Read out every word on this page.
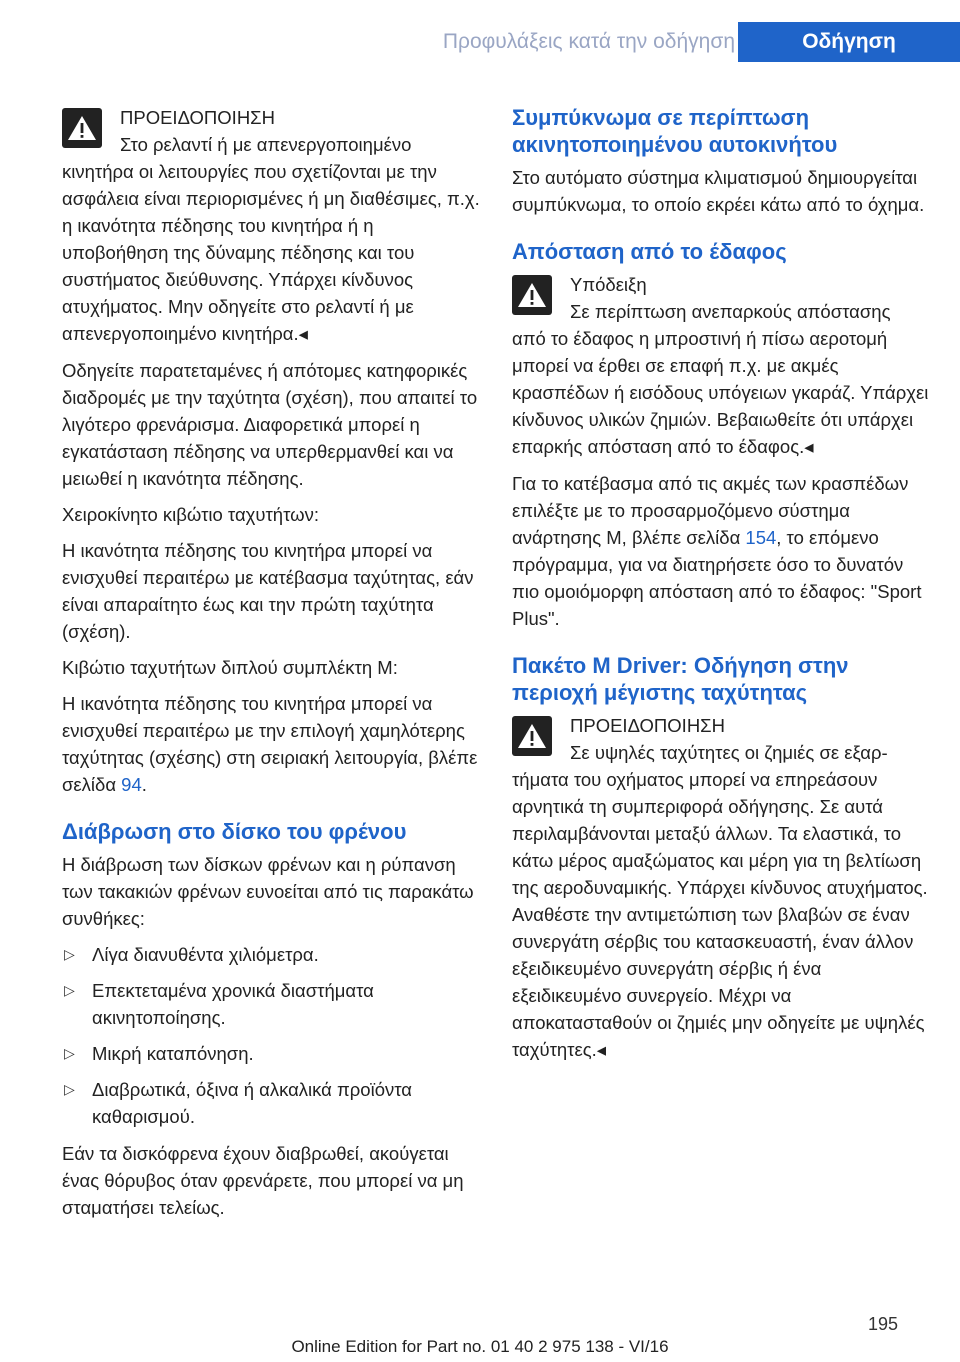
Προφυλάξεις κατά την οδήγηση	Οδήγηση
ΠΡΟΕΙΔΟΠΟΙΗΣΗ
Στο ρελαντί ή με απενεργοποιημένο

κινητήρα οι λειτουργίες που σχετίζονται με την ασφάλεια είναι περιορισμένες ή μη διαθέσιμες, π.χ. η ικανότητα πέδησης του κινητήρα ή η υποβοήθηση της δύναμης πέδησης και του συστήματος διεύθυνσης. Υπάρχει κίνδυνος ατυχήματος. Μην οδηγείτε στο ρελαντί ή με απενεργοποιημένο κινητήρα.◂

Οδηγείτε παρατεταμένες ή απότομες κατηφορικές διαδρομές με την ταχύτητα (σχέση), που απαιτεί το λιγότερο φρενάρισμα. Διαφορετικά μπορεί η εγκατάσταση πέδησης να υπερθερμανθεί και να μειωθεί η ικανότητα πέδησης.

Χειροκίνητο κιβώτιο ταχυτήτων:

Η ικανότητα πέδησης του κινητήρα μπορεί να ενισχυθεί περαιτέρω με κατέβασμα ταχύτητας, εάν είναι απαραίτητο έως και την πρώτη ταχύτητα (σχέση).

Κιβώτιο ταχυτήτων διπλού συμπλέκτη M:

Η ικανότητα πέδησης του κινητήρα μπορεί να ενισχυθεί περαιτέρω με την επιλογή χαμηλότερης ταχύτητας (σχέσης) στη σειριακή λειτουργία, βλέπε σελίδα 94.

Διάβρωση στο δίσκο του φρένου

Η διάβρωση των δίσκων φρένων και η ρύπανση των τακακιών φρένων ευνοείται από τις παρακάτω συνθήκες:

▷ Λίγα διανυθέντα χιλιόμετρα.
▷ Επεκτεταμένα χρονικά διαστήματα ακινητοποίησης.
▷ Μικρή καταπόνηση.
▷ Διαβρωτικά, όξινα ή αλκαλικά προϊόντα καθαρισμού.

Εάν τα δισκόφρενα έχουν διαβρωθεί, ακούγεται ένας θόρυβος όταν φρενάρετε, που μπορεί να μη σταματήσει τελείως.

Συμπύκνωμα σε περίπτωση ακινητοποιημένου αυτοκινήτου

Στο αυτόματο σύστημα κλιματισμού δημιουργείται συμπύκνωμα, το οποίο εκρέει κάτω από το όχημα.

Απόσταση από το έδαφος
Υπόδειξη
Σε περίπτωση ανεπαρκούς απόστασης

από το έδαφος η μπροστινή ή πίσω αεροτομή μπορεί να έρθει σε επαφή π.χ. με ακμές κρασπέδων ή εισόδους υπόγειων γκαράζ. Υπάρχει κίνδυνος υλικών ζημιών. Βεβαιωθείτε ότι υπάρχει επαρκής απόσταση από το έδαφος.◂

Για το κατέβασμα από τις ακμές των κρασπέδων επιλέξτε με το προσαρμοζόμενο σύστημα ανάρτησης M, βλέπε σελίδα 154, το επόμενο πρόγραμμα, για να διατηρήσετε όσο το δυνατόν πιο ομοιόμορφη απόσταση από το έδαφος: "Sport Plus".

Πακέτο M Driver: Οδήγηση στην περιοχή μέγιστης ταχύτητας
ΠΡΟΕΙΔΟΠΟΙΗΣΗ
Σε υψηλές ταχύτητες οι ζημιές σε εξαρ-

τήματα του οχήματος μπορεί να επηρεάσουν αρνητικά τη συμπεριφορά οδήγησης. Σε αυτά περιλαμβάνονται μεταξύ άλλων. Τα ελαστικά, το κάτω μέρος αμαξώματος και μέρη για τη βελτίωση της αεροδυναμικής. Υπάρχει κίνδυνος ατυχήματος. Αναθέστε την αντιμετώπιση των βλαβών σε έναν συνεργάτη σέρβις του κατασκευαστή, έναν άλλον εξειδικευμένο συνεργάτη σέρβις ή ένα εξειδικευμένο συνεργείο. Μέχρι να αποκατασταθούν οι ζημιές μην οδηγείτε με υψηλές ταχύτητες.◂

195
Online Edition for Part no. 01 40 2 975 138 - VI/16
